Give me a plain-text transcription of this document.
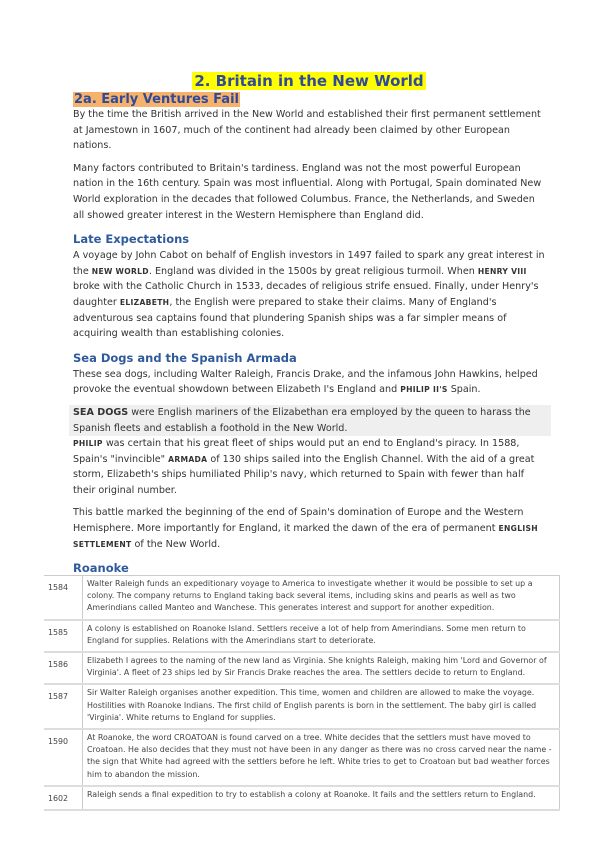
2. Britain in the New World
2a. Early Ventures Fail

By the time the British arrived in the New World and established their first permanent settlement at Jamestown in 1607, much of the continent had already been claimed by other European nations.

Many factors contributed to Britain's tardiness. England was not the most powerful European nation in the 16th century. Spain was most influential. Along with Portugal, Spain dominated New World exploration in the decades that followed Columbus. France, the Netherlands, and Sweden all showed greater interest in the Western Hemisphere than England did.

Late Expectations

A voyage by John Cabot on behalf of English investors in 1497 failed to spark any great interest in the NEW WORLD. England was divided in the 1500s by great religious turmoil. When HENRY VIII broke with the Catholic Church in 1533, decades of religious strife ensued. Finally, under Henry's daughter ELIZABETH, the English were prepared to stake their claims. Many of England's adventurous sea captains found that plundering Spanish ships was a far simpler means of acquiring wealth than establishing colonies.

Sea Dogs and the Spanish Armada

These sea dogs, including Walter Raleigh, Francis Drake, and the infamous John Hawkins, helped provoke the eventual showdown between Elizabeth I's England and PHILIP II'S Spain.

SEA DOGS were English mariners of the Elizabethan era employed by the queen to harass the Spanish fleets and establish a foothold in the New World.

PHILIP was certain that his great fleet of ships would put an end to England's piracy. In 1588, Spain's "invincible" ARMADA of 130 ships sailed into the English Channel. With the aid of a great storm, Elizabeth's ships humiliated Philip's navy, which returned to Spain with fewer than half their original number.

This battle marked the beginning of the end of Spain's domination of Europe and the Western Hemisphere. More importantly for England, it marked the dawn of the era of permanent ENGLISH SETTLEMENT of the New World.

Roanoke
1584	Walter Raleigh funds an expeditionary voyage to America to investigate whether it would be possible to set up a colony. The company returns to England taking back several items, including skins and pearls as well as two Amerindians called Manteo and Wanchese. This generates interest and support for another expedition.
1585	A colony is established on Roanoke Island. Settlers receive a lot of help from Amerindians. Some men return to England for supplies. Relations with the Amerindians start to deteriorate.
1586	Elizabeth I agrees to the naming of the new land as Virginia. She knights Raleigh, making him 'Lord and Governor of Virginia'. A fleet of 23 ships led by Sir Francis Drake reaches the area. The settlers decide to return to England.
1587	Sir Walter Raleigh organises another expedition. This time, women and children are allowed to make the voyage. Hostilities with Roanoke Indians. The first child of English parents is born in the settlement. The baby girl is called 'Virginia'. White returns to England for supplies.
1590	At Roanoke, the word CROATOAN is found carved on a tree. White decides that the settlers must have moved to Croatoan. He also decides that they must not have been in any danger as there was no cross carved near the name - the sign that White had agreed with the settlers before he left. White tries to get to Croatoan but bad weather forces him to abandon the mission.
1602	Raleigh sends a final expedition to try to establish a colony at Roanoke. It fails and the settlers return to England.
